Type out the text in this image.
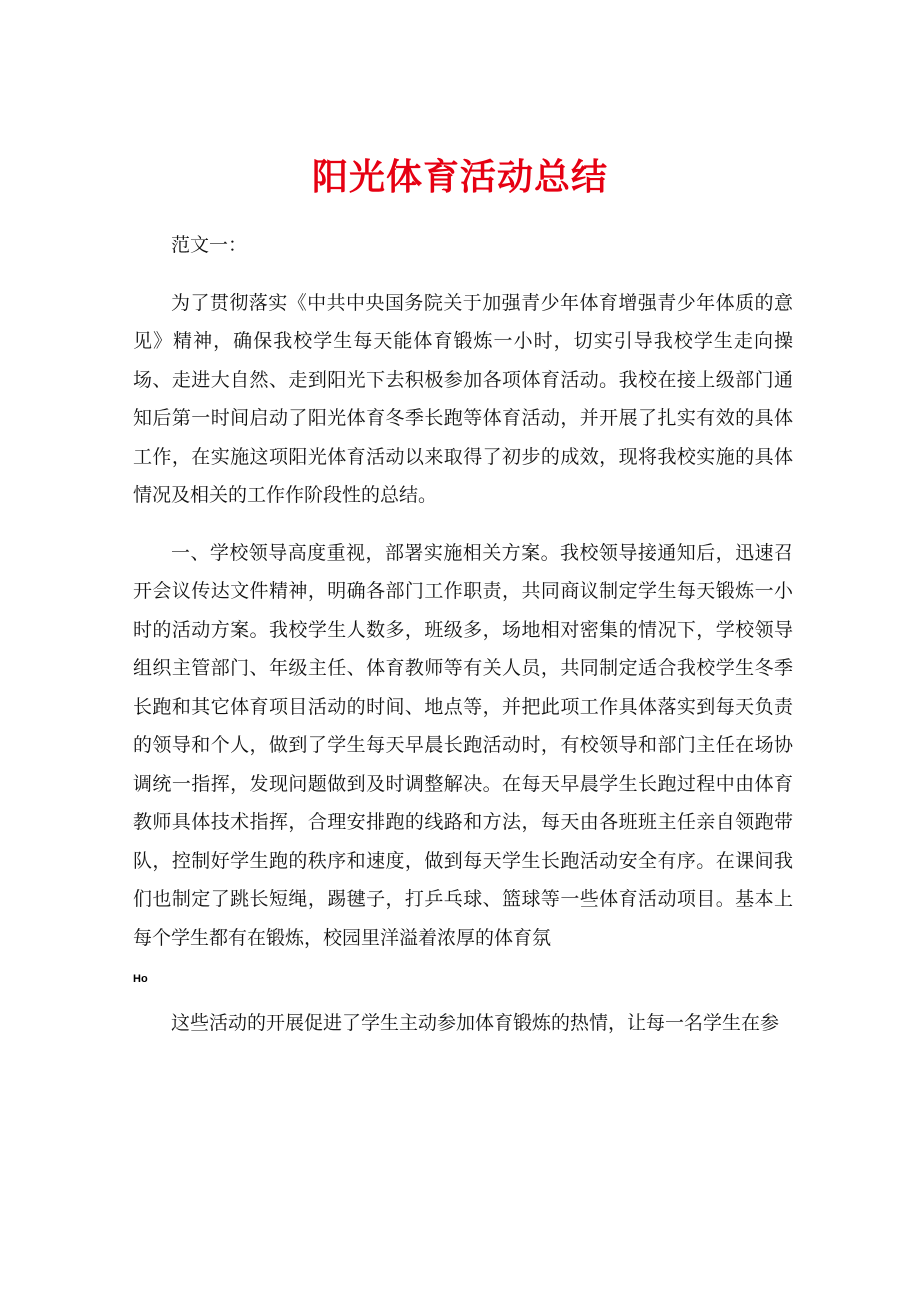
阳光体育活动总结

范文一：

为了贯彻落实《中共中央国务院关于加强青少年体育增强青少年体质的意见》精神，确保我校学生每天能体育锻炼一小时，切实引导我校学生走向操场、走进大自然、走到阳光下去积极参加各项体育活动。我校在接上级部门通知后第一时间启动了阳光体育冬季长跑等体育活动，并开展了扎实有效的具体工作，在实施这项阳光体育活动以来取得了初步的成效，现将我校实施的具体情况及相关的工作作阶段性的总结。

一、学校领导高度重视，部署实施相关方案。我校领导接通知后，迅速召开会议传达文件精神，明确各部门工作职责，共同商议制定学生每天锻炼一小时的活动方案。我校学生人数多，班级多，场地相对密集的情况下，学校领导组织主管部门、年级主任、体育教师等有关人员，共同制定适合我校学生冬季长跑和其它体育项目活动的时间、地点等，并把此项工作具体落实到每天负责的领导和个人，做到了学生每天早晨长跑活动时，有校领导和部门主任在场协调统一指挥，发现问题做到及时调整解决。在每天早晨学生长跑过程中由体育教师具体技术指挥，合理安排跑的线路和方法，每天由各班班主任亲自领跑带队，控制好学生跑的秩序和速度，做到每天学生长跑活动安全有序。在课间我们也制定了跳长短绳，踢毽子，打乒乓球、篮球等一些体育活动项目。基本上每个学生都有在锻炼，校园里洋溢着浓厚的体育氛

Ho

这些活动的开展促进了学生主动参加体育锻炼的热情，让每一名学生在参
